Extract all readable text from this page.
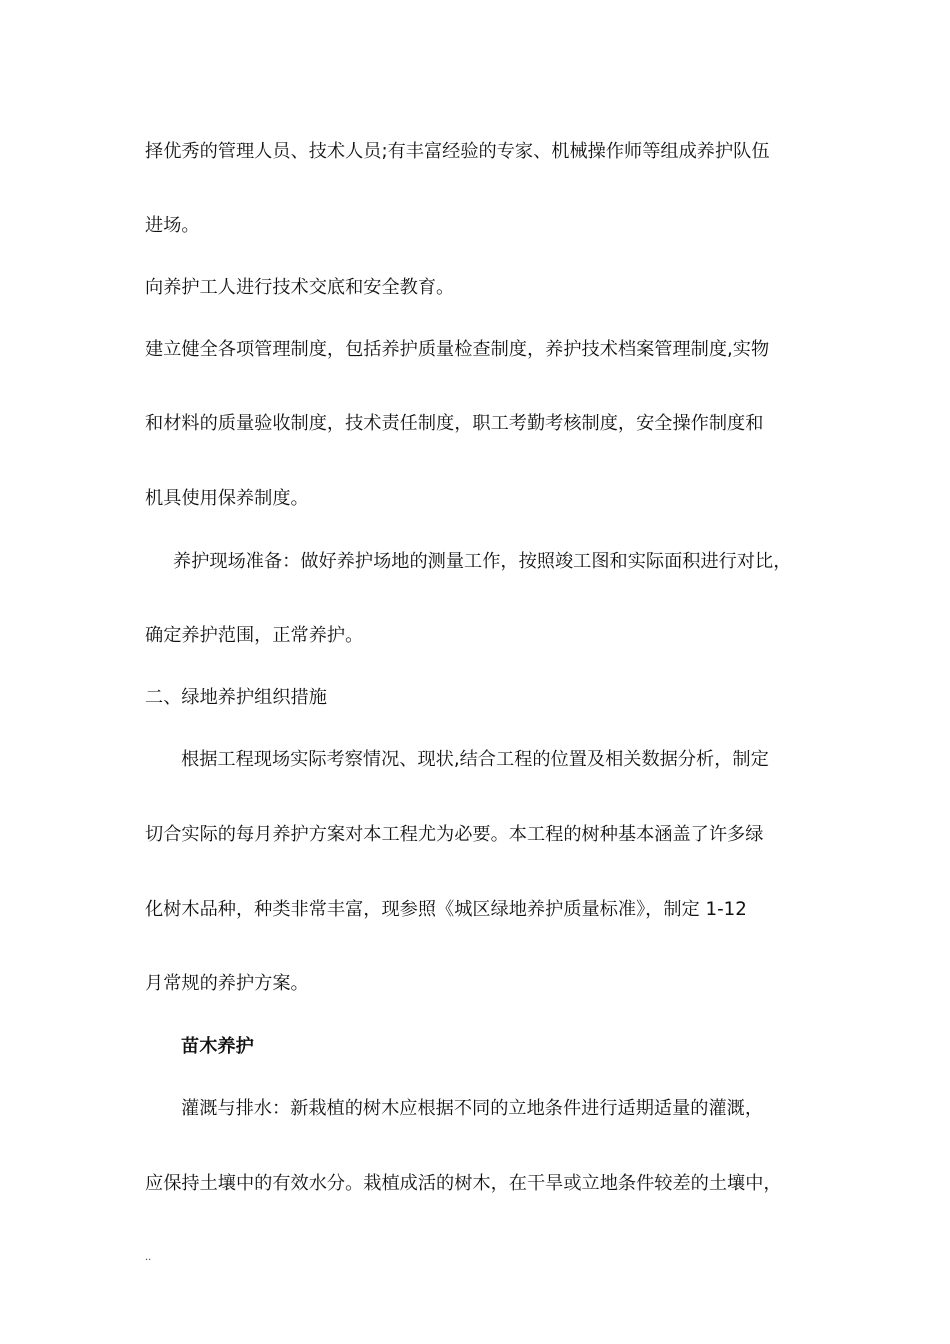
择优秀的管理人员、技术人员;有丰富经验的专家、机械操作师等组成养护队伍
进场。
向养护工人进行技术交底和安全教育。
建立健全各项管理制度，包括养护质量检查制度，养护技术档案管理制度,实物
和材料的质量验收制度，技术责任制度，职工考勤考核制度，安全操作制度和
机具使用保养制度。
养护现场准备：做好养护场地的测量工作，按照竣工图和实际面积进行对比，
确定养护范围，正常养护。
二、绿地养护组织措施
根据工程现场实际考察情况、现状,结合工程的位置及相关数据分析，制定
切合实际的每月养护方案对本工程尤为必要。本工程的树种基本涵盖了许多绿
化树木品种，种类非常丰富，现参照《城区绿地养护质量标准》，制定 1-12
月常规的养护方案。
苗木养护
灌溉与排水：新栽植的树木应根据不同的立地条件进行适期适量的灌溉，
应保持土壤中的有效水分。栽植成活的树木，在干旱或立地条件较差的土壤中，
..
